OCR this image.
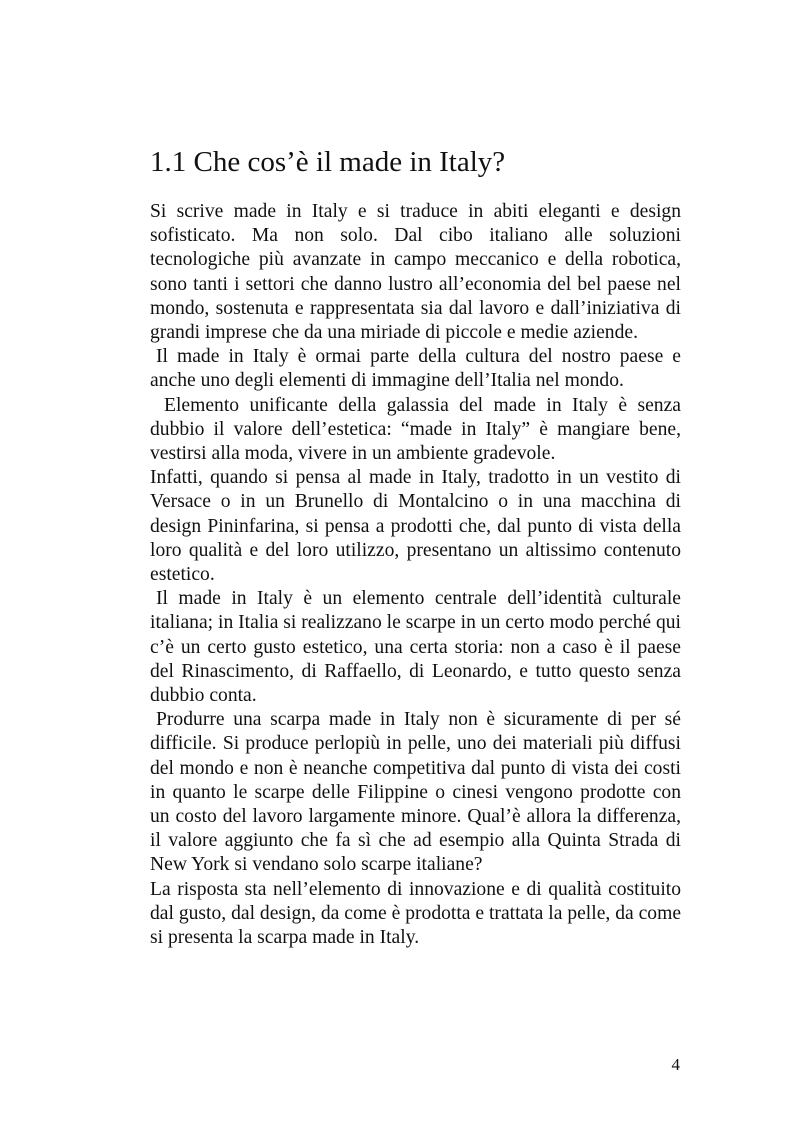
1.1 Che cos’è il made in Italy?

Si scrive made in Italy e si traduce in abiti eleganti e design sofisticato. Ma non solo. Dal cibo italiano alle soluzioni tecnologiche più avanzate in campo meccanico e della robotica, sono tanti i settori che danno lustro all’economia del bel paese nel mondo, sostenuta e rappresentata sia dal lavoro e dall’iniziativa di grandi imprese che da una miriade di piccole e medie aziende.

Il made in Italy è ormai parte della cultura del nostro paese e anche uno degli elementi di immagine dell’Italia nel mondo.

Elemento unificante della galassia del made in Italy è senza dubbio il valore dell’estetica: “made in Italy” è mangiare bene, vestirsi alla moda, vivere in un ambiente gradevole.

Infatti, quando si pensa al made in Italy, tradotto in un vestito di Versace o in un Brunello di Montalcino o in una macchina di design Pininfarina, si pensa a prodotti che, dal punto di vista della loro qualità e del loro utilizzo, presentano un altissimo contenuto estetico.

Il made in Italy è un elemento centrale dell’identità culturale italiana; in Italia si realizzano le scarpe in un certo modo perché qui c’è un certo gusto estetico, una certa storia: non a caso è il paese del Rinascimento, di Raffaello, di Leonardo, e tutto questo senza dubbio conta.

Produrre una scarpa made in Italy non è sicuramente di per sé difficile. Si produce perlopiù in pelle, uno dei materiali più diffusi del mondo e non è neanche competitiva dal punto di vista dei costi in quanto le scarpe delle Filippine o cinesi vengono prodotte con un costo del lavoro largamente minore. Qual’è allora la differenza, il valore aggiunto che fa sì che ad esempio alla Quinta Strada di New York si vendano solo scarpe italiane?

La risposta sta nell’elemento di innovazione e di qualità costituito dal gusto, dal design, da come è prodotta e trattata la pelle, da come si presenta la scarpa made in Italy.

4
